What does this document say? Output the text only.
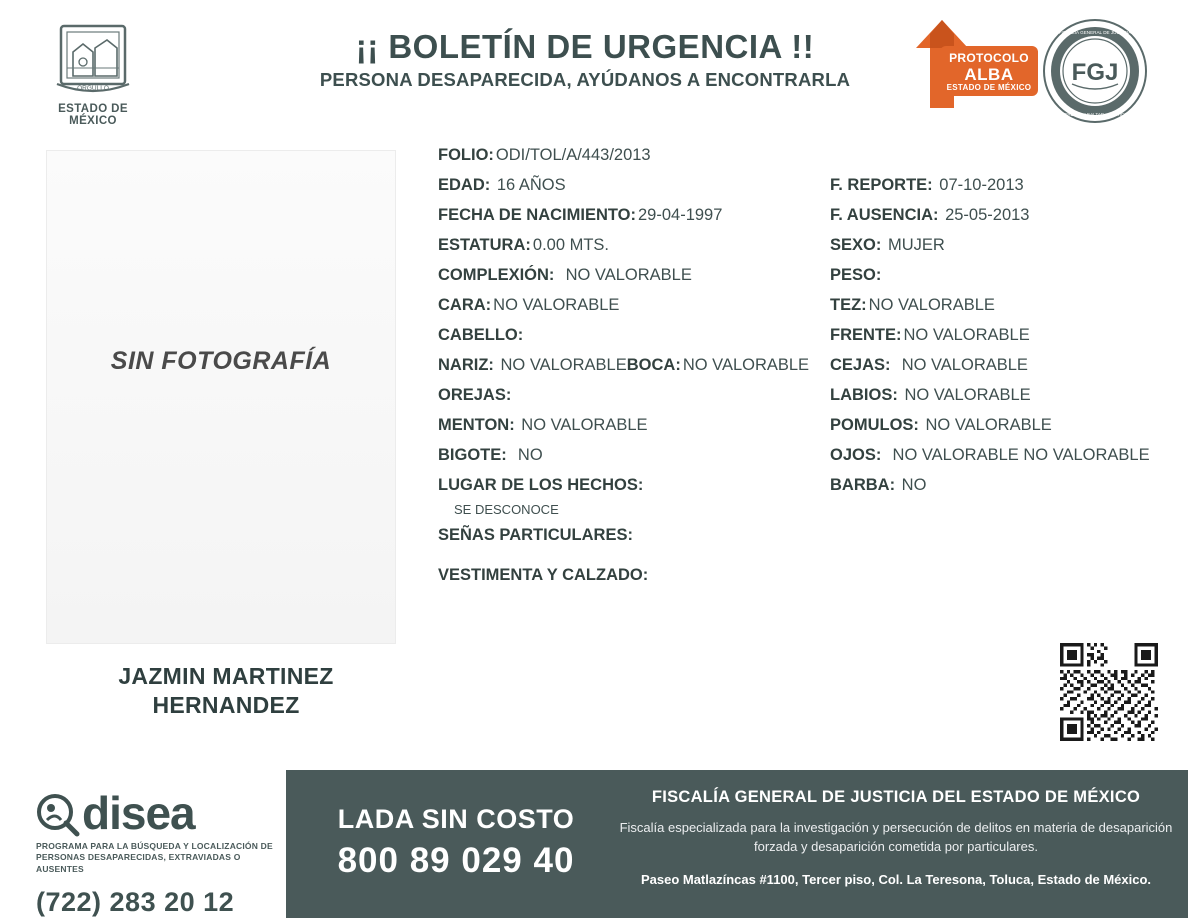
ORGULLO
ESTADO DE MÉXICO
¡¡ BOLETÍN DE URGENCIA !!
PERSONA DESAPARECIDA, AYÚDANOS A ENCONTRARLA
PROTOCOLO
ALBA
ESTADO DE MÉXICO
FGJ
FISCALÍA GENERAL DE JUSTICIA
VERDAD · LEALTAD · JUSTICIA
SIN FOTOGRAFÍA
JAZMIN MARTINEZ HERNANDEZ
FOLIO: ODI/TOL/A/443/2013
EDAD: 16 AÑOS
FECHA DE NACIMIENTO: 29-04-1997
ESTATURA: 0.00 MTS.
COMPLEXIÓN: NO VALORABLE
CARA: NO VALORABLE
CABELLO:
NARIZ: NO VALORABLEBOCA: NO VALORABLE
OREJAS:
MENTON: NO VALORABLE
BIGOTE: NO
LUGAR DE LOS HECHOS:
SE DESCONOCE
SEÑAS PARTICULARES:
VESTIMENTA Y CALZADO:
F. REPORTE: 07-10-2013
F. AUSENCIA: 25-05-2013
SEXO: MUJER
PESO:
TEZ: NO VALORABLE
FRENTE: NO VALORABLE
CEJAS: NO VALORABLE
LABIOS: NO VALORABLE
POMULOS: NO VALORABLE
OJOS: NO VALORABLE NO VALORABLE
BARBA: NO
disea
PROGRAMA PARA LA BÚSQUEDA Y LOCALIZACIÓN DE PERSONAS DESAPARECIDAS, EXTRAVIADAS O AUSENTES
(722) 283 20 12
LADA SIN COSTO
800 89 029 40
FISCALÍA GENERAL DE JUSTICIA DEL ESTADO DE MÉXICO
Fiscalía especializada para la investigación y persecución de delitos en materia de desaparición forzada y desaparición cometida por particulares.
Paseo Matlazíncas #1100, Tercer piso, Col. La Teresona, Toluca, Estado de México.
